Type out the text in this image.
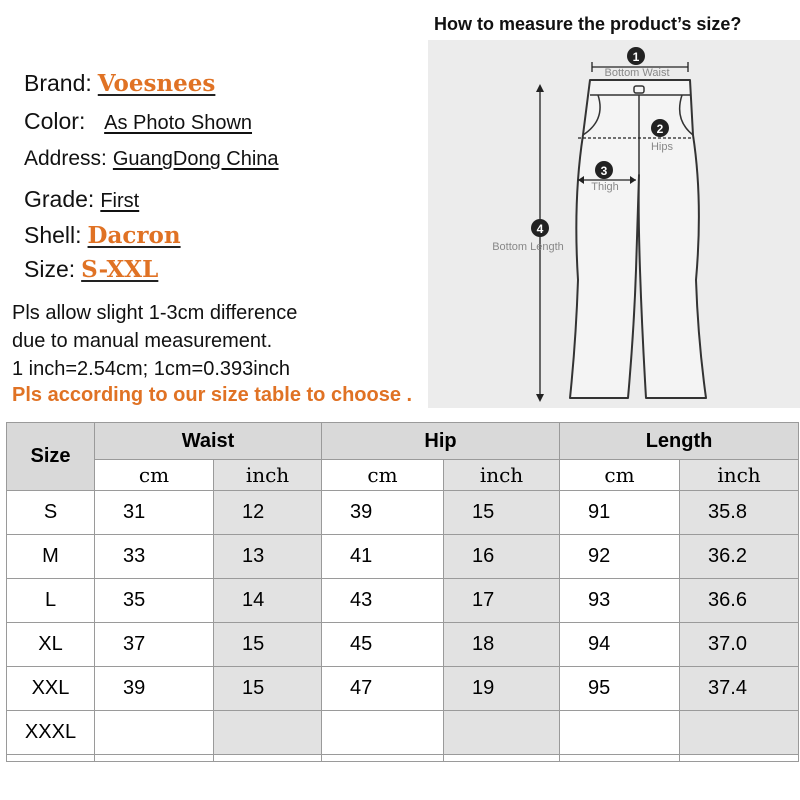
Brand: Voesnees
Color: As Photo Shown
Address: GuangDong China
Grade: First
Shell: Dacron
Size: S-XXL
Pls allow slight 1-3cm difference
due to manual measurement.
1 inch=2.54cm; 1cm=0.393inch
Pls according to our size table to choose .
How to measure the product’s size?
1
Bottom Waist
2
Hips
3
Thigh
4
Bottom Length
Size	Waist		Hip		Length	
	cm	inch	cm	inch	cm	inch
S	31	12	39	15	91	35.8
M	33	13	41	16	92	36.2
L	35	14	43	17	93	36.6
XL	37	15	45	18	94	37.0
XXL	39	15	47	19	95	37.4
XXXL						
